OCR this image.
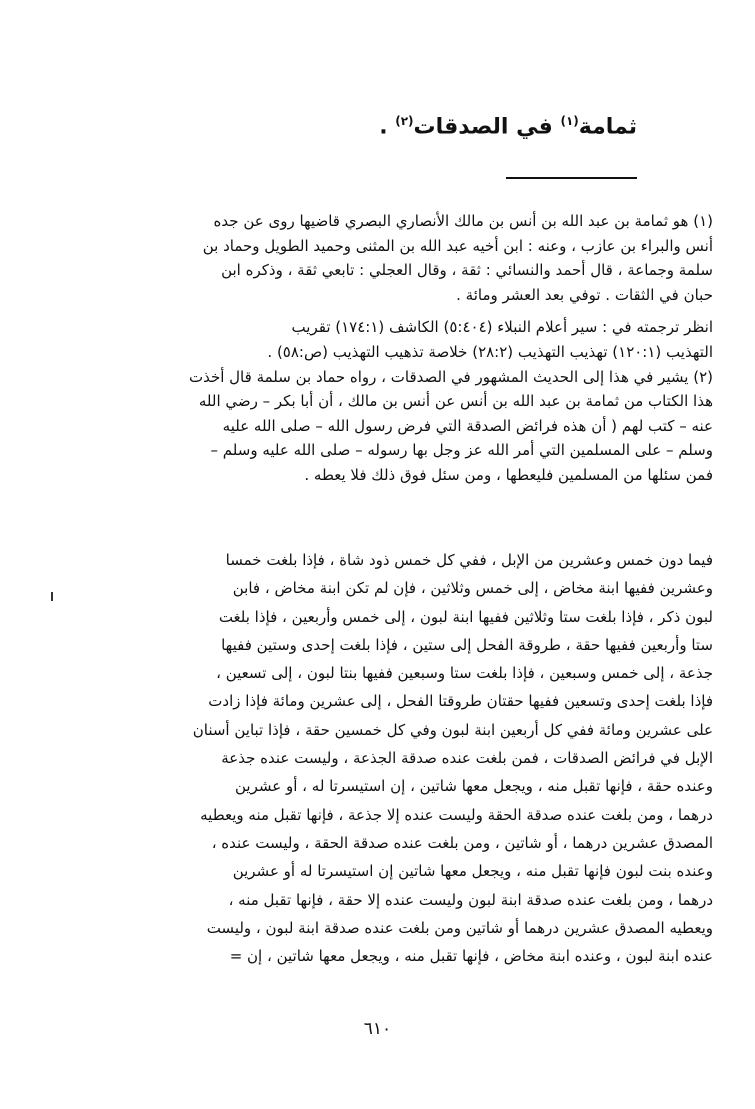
ثمامة$^{(١)}$ في الصدقات$^{(٢)}$ .
(١) هو ثمامة بن عبد الله بن أنس بن مالك الأنصاري البصري قاضيها روى عن جده
أنس والبراء بن عازب ، وعنه : ابن أخيه عبد الله بن المثنى وحميد الطويل وحماد بن
سلمة وجماعة ، قال أحمد والنسائي : ثقة ، وقال العجلي : تابعي ثقة ، وذكره ابن
حبان في الثقات . توفي بعد العشر ومائة .
انظر ترجمته في : سير أعلام النبلاء (٥:٤٠٤) الكاشف (١٧٤:١) تقريب
التهذيب (١٢٠:١) تهذيب التهذيب (٢٨:٢) خلاصة تذهيب التهذيب (ص:٥٨) .
(٢) يشير في هذا إلى الحديث المشهور في الصدقات ، رواه حماد بن سلمة قال أخذت
هذا الكتاب من ثمامة بن عبد الله بن أنس عن أنس بن مالك ، أن أبا بكر – رضي الله
عنه – كتب لهم ( أن هذه فرائض الصدقة التي فرض رسول الله – صلى الله عليه
وسلم – على المسلمين التي أمر الله عز وجل بها رسوله – صلى الله عليه وسلم –
فمن سئلها من المسلمين فليعطها ، ومن سئل فوق ذلك فلا يعطه .
فيما دون خمس وعشرين من الإبل ، ففي كل خمس ذود شاة ، فإذا بلغت خمسا
وعشرين ففيها ابنة مخاض ، إلى خمس وثلاثين ، فإن لم تكن ابنة مخاض ، فابن
لبون ذكر ، فإذا بلغت ستا وثلاثين ففيها ابنة لبون ، إلى خمس وأربعين ، فإذا بلغت
ستا وأربعين ففيها حقة ، طروقة الفحل إلى ستين ، فإذا بلغت إحدى وستين ففيها
جذعة ، إلى خمس وسبعين ، فإذا بلغت ستا وسبعين ففيها بنتا لبون ، إلى تسعين ،
فإذا بلغت إحدى وتسعين ففيها حقتان طروقتا الفحل ، إلى عشرين ومائة فإذا زادت
على عشرين ومائة ففي كل أربعين ابنة لبون وفي كل خمسين حقة ، فإذا تباين أسنان
الإبل في فرائض الصدقات ، فمن بلغت عنده صدقة الجذعة ، وليست عنده جذعة
وعنده حقة ، فإنها تقبل منه ، ويجعل معها شاتين ، إن استيسرتا له ، أو عشرين
درهما ، ومن بلغت عنده صدقة الحقة وليست عنده إلا جذعة ، فإنها تقبل منه ويعطيه
المصدق عشرين درهما ، أو شاتين ، ومن بلغت عنده صدقة الحقة ، وليست عنده ،
وعنده بنت لبون فإنها تقبل منه ، ويجعل معها شاتين إن استيسرتا له أو عشرين
درهما ، ومن بلغت عنده صدقة ابنة لبون وليست عنده إلا حقة ، فإنها تقبل منه ،
ويعطيه المصدق عشرين درهما أو شاتين ومن بلغت عنده صدقة ابنة لبون ، وليست
عنده ابنة لبون ، وعنده ابنة مخاض ، فإنها تقبل منه ، ويجعل معها شاتين ، إن =
٦١٠
